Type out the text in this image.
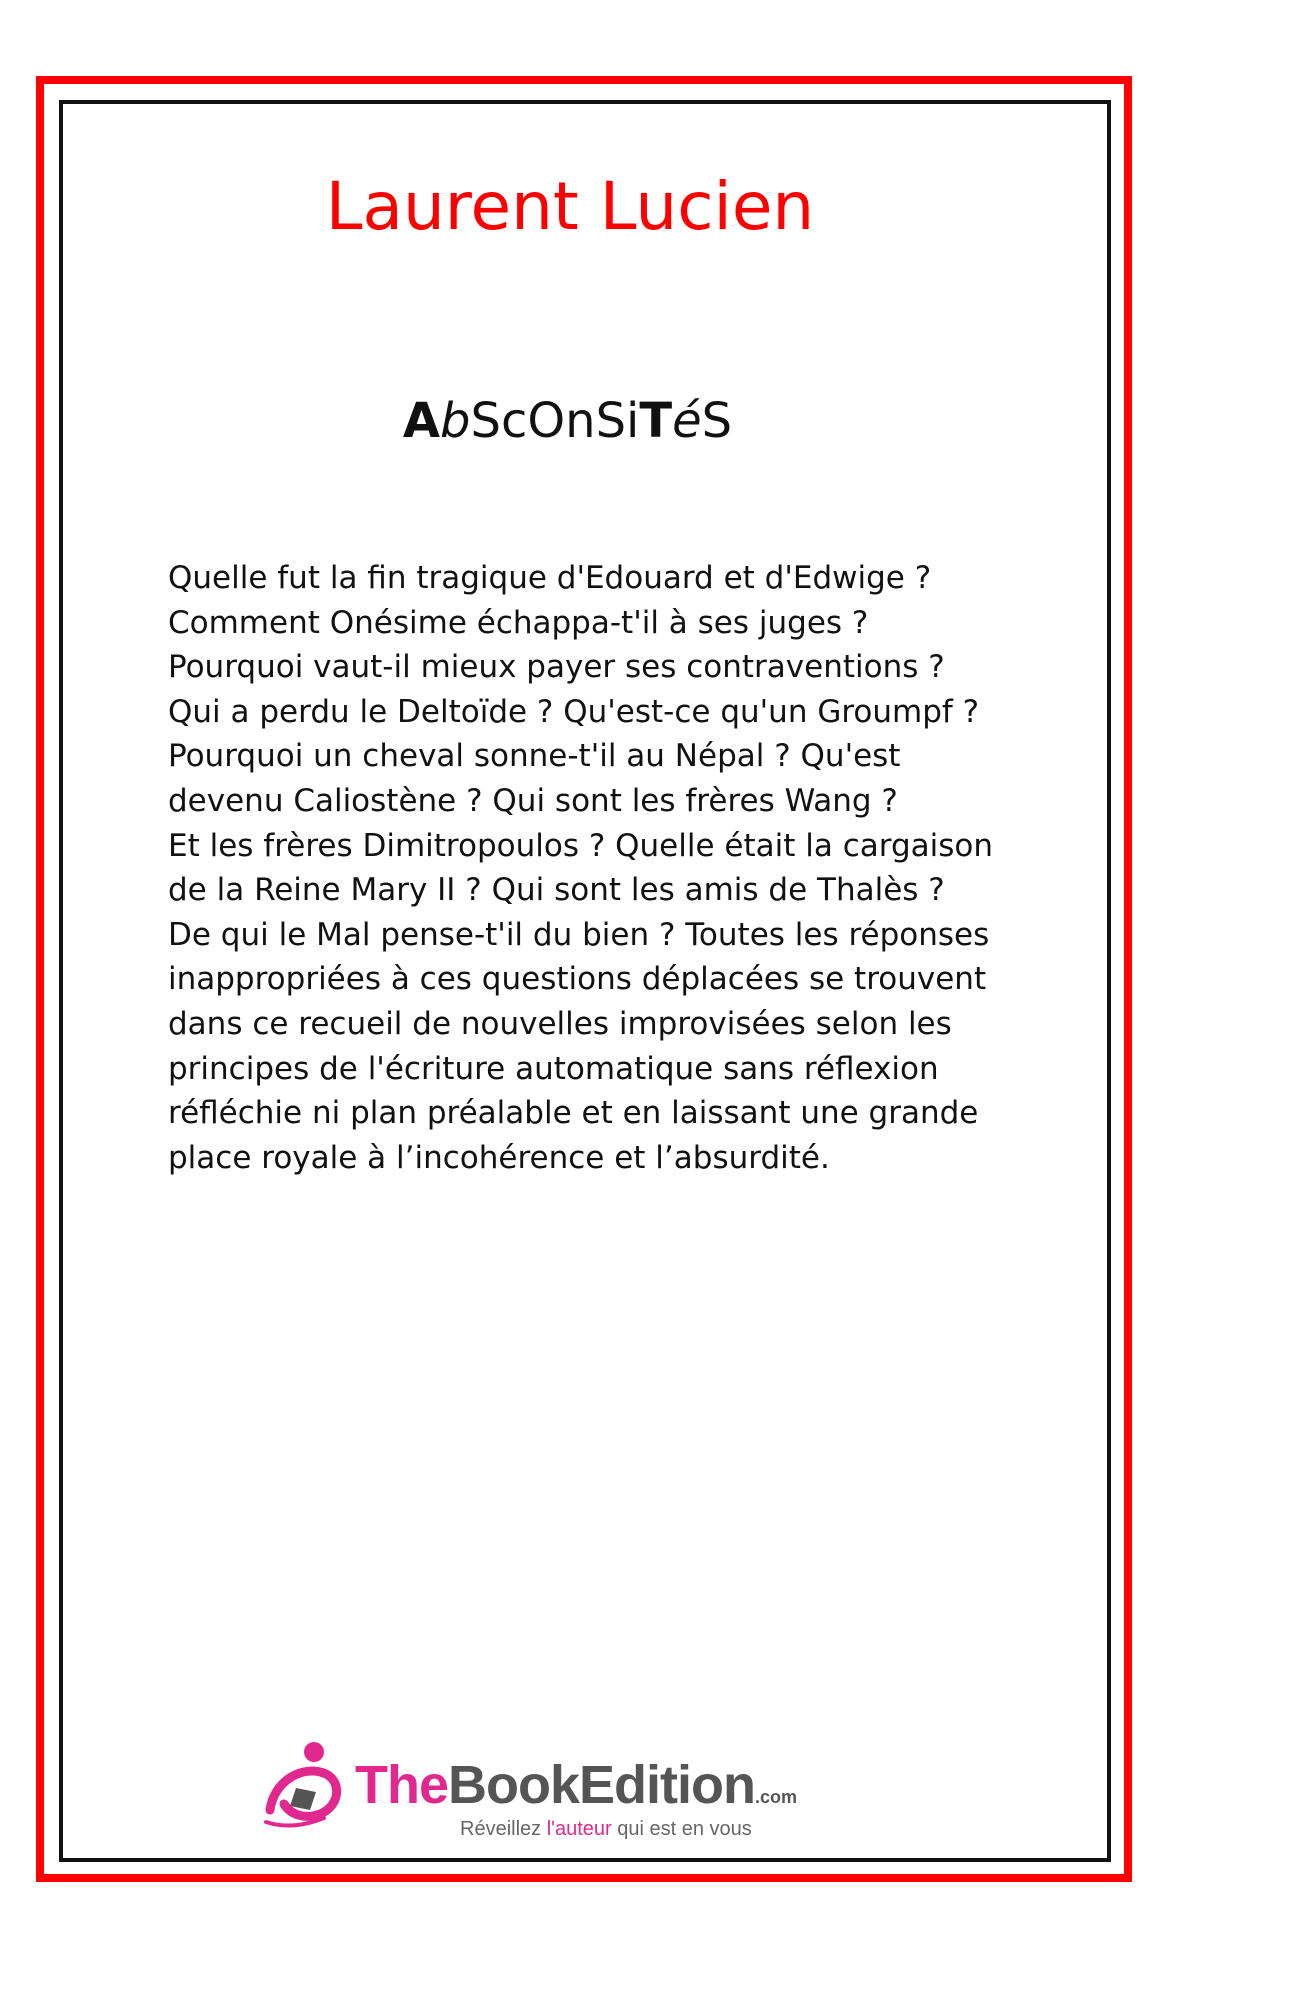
Laurent Lucien
AbScOnSiTéS
Quelle fut la fin tragique d'Edouard et d'Edwige ?
Comment Onésime échappa-t'il à ses juges ?
Pourquoi vaut-il mieux payer ses contraventions ?
Qui a perdu le Deltoïde ? Qu'est-ce qu'un Groumpf ?
Pourquoi un cheval sonne-t'il au Népal ? Qu'est
devenu Caliostène ? Qui sont les frères Wang ?
Et les frères Dimitropoulos ? Quelle était la cargaison
de la Reine Mary II ? Qui sont les amis de Thalès ?
De qui le Mal pense-t'il du bien ? Toutes les réponses
inappropriées à ces questions déplacées se trouvent
dans ce recueil de nouvelles improvisées selon les
principes de l'écriture automatique sans réflexion
réfléchie ni plan préalable et en laissant une grande
place royale à l’incohérence et l’absurdité.
TheBookEdition.com
Réveillez l'auteur qui est en vous
